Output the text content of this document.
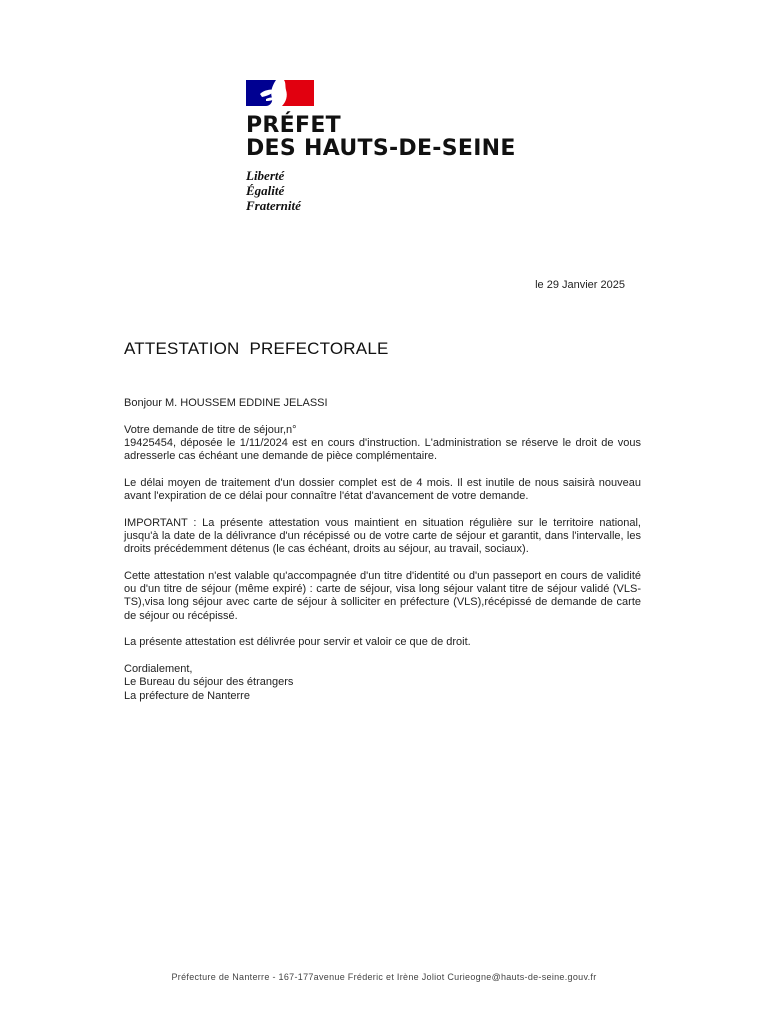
PRÉFET
DES HAUTS-DE-SEINE
Liberté
Égalité
Fraternité
le 29 Janvier 2025
ATTESTATION PREFECTORALE

Bonjour M. HOUSSEM EDDINE JELASSI

Votre demande de titre de séjour,n°
19425454, déposée le 1/11/2024 est en cours d'instruction. L'administration se réserve le droit de vous adresserle cas échéant une demande de pièce complémentaire.

Le délai moyen de traitement d'un dossier complet est de 4 mois. Il est inutile de nous saisirà nouveau avant l'expiration de ce délai pour connaître l'état d'avancement de votre demande.

IMPORTANT : La présente attestation vous maintient en situation régulière sur le territoire national, jusqu'à la date de la délivrance d'un récépissé ou de votre carte de séjour et garantit, dans l'intervalle, les droits précédemment détenus (le cas échéant, droits au séjour, au travail, sociaux).

Cette attestation n'est valable qu'accompagnée d'un titre d'identité ou d'un passeport en cours de validité ou d'un titre de séjour (même expiré) : carte de séjour, visa long séjour valant titre de séjour validé (VLS-TS),visa long séjour avec carte de séjour à solliciter en préfecture (VLS),récépissé de demande de carte de séjour ou récépissé.

La présente attestation est délivrée pour servir et valoir ce que de droit.

Cordialement,
Le Bureau du séjour des étrangers
La préfecture de Nanterre

Préfecture de Nanterre - 167-177avenue Fréderic et Irène Joliot Curieogne@hauts-de-seine.gouv.fr
